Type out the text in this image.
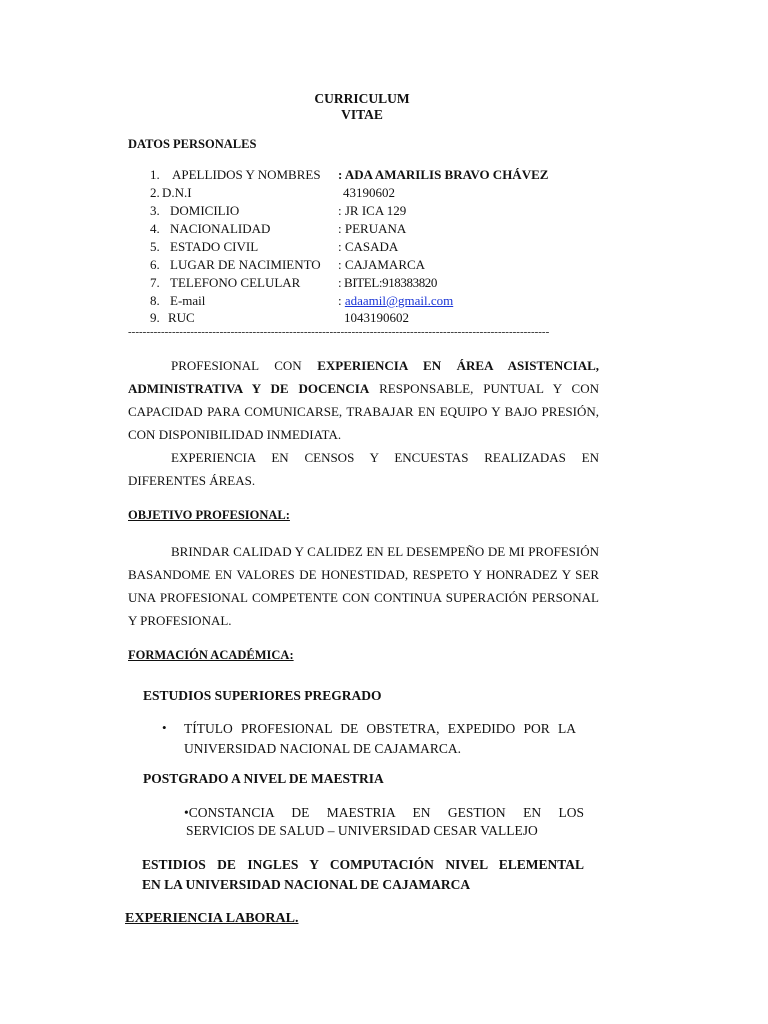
CURRICULUM
VITAE
DATOS PERSONALES
1. APELLIDOS Y NOMBRES : ADA AMARILIS BRAVO CHÁVEZ
2. D.N.I	43190602
3. DOMICILIO	: JR ICA 129
4. NACIONALIDAD	: PERUANA
5. ESTADO CIVIL	: CASADA
6. LUGAR DE NACIMIENTO : CAJAMARCA
7. TELEFONO CELULAR	: BITEL:918383820
8. E-mail	: adaamil@gmail.com
9. RUC	1043190602
-------------------------------------------------------------------------------------------------------------------

PROFESIONAL CON EXPERIENCIA EN ÁREA ASISTENCIAL, ADMINISTRATIVA Y DE DOCENCIA RESPONSABLE, PUNTUAL Y CON CAPACIDAD PARA COMUNICARSE, TRABAJAR EN EQUIPO Y BAJO PRESIÓN, CON DISPONIBILIDAD INMEDIATA.

EXPERIENCIA EN CENSOS Y ENCUESTAS REALIZADAS EN DIFERENTES ÁREAS.

OBJETIVO PROFESIONAL:

BRINDAR CALIDAD Y CALIDEZ EN EL DESEMPEÑO DE MI PROFESIÓN BASANDOME EN VALORES DE HONESTIDAD, RESPETO Y HONRADEZ Y SER UNA PROFESIONAL COMPETENTE CON CONTINUA SUPERACIÓN PERSONAL Y PROFESIONAL.

FORMACIÓN ACADÉMICA:
ESTUDIOS SUPERIORES PREGRADO
• TÍTULO PROFESIONAL DE OBSTETRA, EXPEDIDO POR LA
UNIVERSIDAD NACIONAL DE CAJAMARCA.
POSTGRADO A NIVEL DE MAESTRIA
• CONSTANCIA DE MAESTRIA EN GESTION EN LOS
SERVICIOS DE SALUD – UNIVERSIDAD CESAR VALLEJO
ESTIDIOS DE INGLES Y COMPUTACIÓN NIVEL ELEMENTAL
EN LA UNIVERSIDAD NACIONAL DE CAJAMARCA
EXPERIENCIA LABORAL.
